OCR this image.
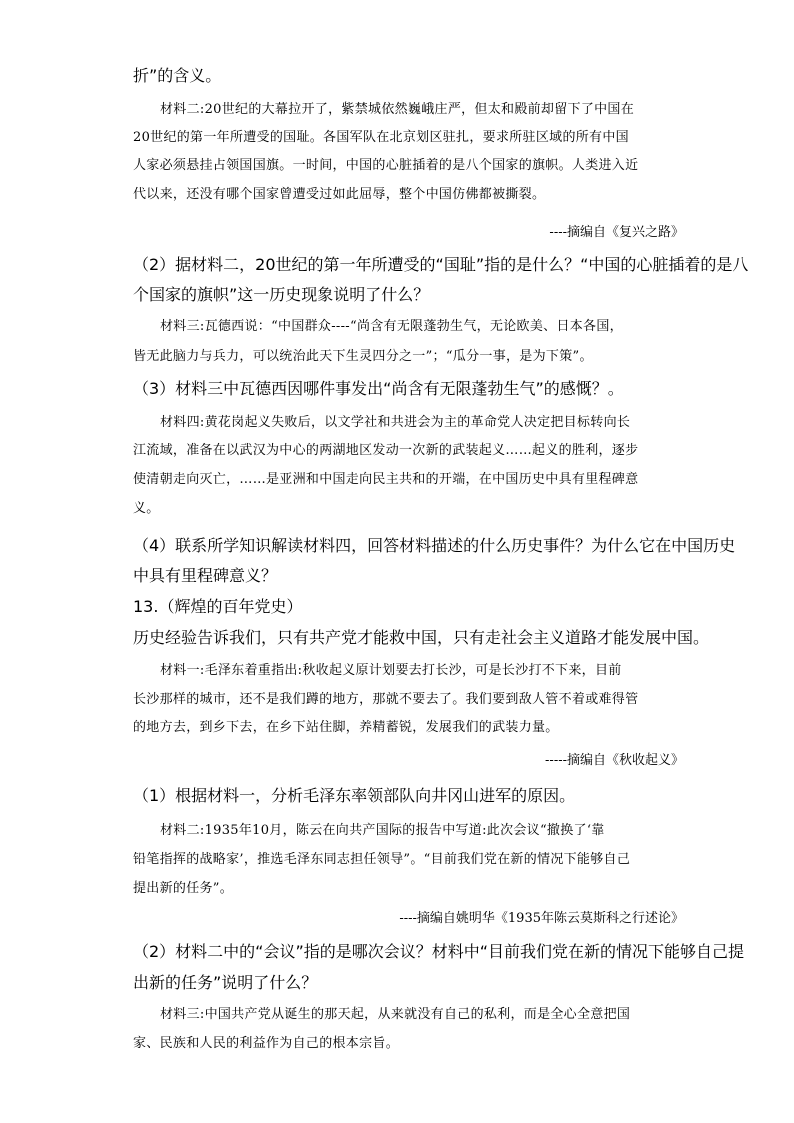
折”的含义。
材料二:20世纪的大幕拉开了，紫禁城依然巍峨庄严，但太和殿前却留下了中国在
20世纪的第一年所遭受的国耻。各国军队在北京划区驻扎，要求所驻区域的所有中国
人家必须悬挂占领国国旗。一时间，中国的心脏插着的是八个国家的旗帜。人类进入近
代以来，还没有哪个国家曾遭受过如此屈辱，整个中国仿佛都被撕裂。
----摘编自《复兴之路》
（2）据材料二，20世纪的第一年所遭受的“国耻”指的是什么？“中国的心脏插着的是八
个国家的旗帜”这一历史现象说明了什么？
材料三:瓦德西说：“中国群众----“尚含有无限蓬勃生气，无论欧美、日本各国，
皆无此脑力与兵力，可以统治此天下生灵四分之一”；“瓜分一事，是为下策”。
（3）材料三中瓦德西因哪件事发出“尚含有无限蓬勃生气”的感慨？。
材料四:黄花岗起义失败后，以文学社和共进会为主的革命党人决定把目标转向长
江流域，准备在以武汉为中心的两湖地区发动一次新的武装起义……起义的胜利，逐步
使清朝走向灭亡，……是亚洲和中国走向民主共和的开端，在中国历史中具有里程碑意
义。
（4）联系所学知识解读材料四，回答材料描述的什么历史事件？为什么它在中国历史
中具有里程碑意义？
13.（辉煌的百年党史）
历史经验告诉我们，只有共产党才能救中国，只有走社会主义道路才能发展中国。
材料一:毛泽东着重指出:秋收起义原计划要去打长沙，可是长沙打不下来，目前
长沙那样的城市，还不是我们蹲的地方，那就不要去了。我们要到敌人管不着或难得管
的地方去，到乡下去，在乡下站住脚，养精蓄锐，发展我们的武装力量。
-----摘编自《秋收起义》
（1）根据材料一，分析毛泽东率领部队向井冈山进军的原因。
材料二:1935年10月，陈云在向共产国际的报告中写道:此次会议“撤换了‘靠
铅笔指挥的战略家’，推选毛泽东同志担任领导”。“目前我们党在新的情况下能够自己
提出新的任务”。
----摘编自姚明华《1935年陈云莫斯科之行述论》
（2）材料二中的“会议”指的是哪次会议？材料中“目前我们党在新的情况下能够自己提
出新的任务”说明了什么？
材料三:中国共产党从诞生的那天起，从来就没有自己的私利，而是全心全意把国
家、民族和人民的利益作为自己的根本宗旨。
